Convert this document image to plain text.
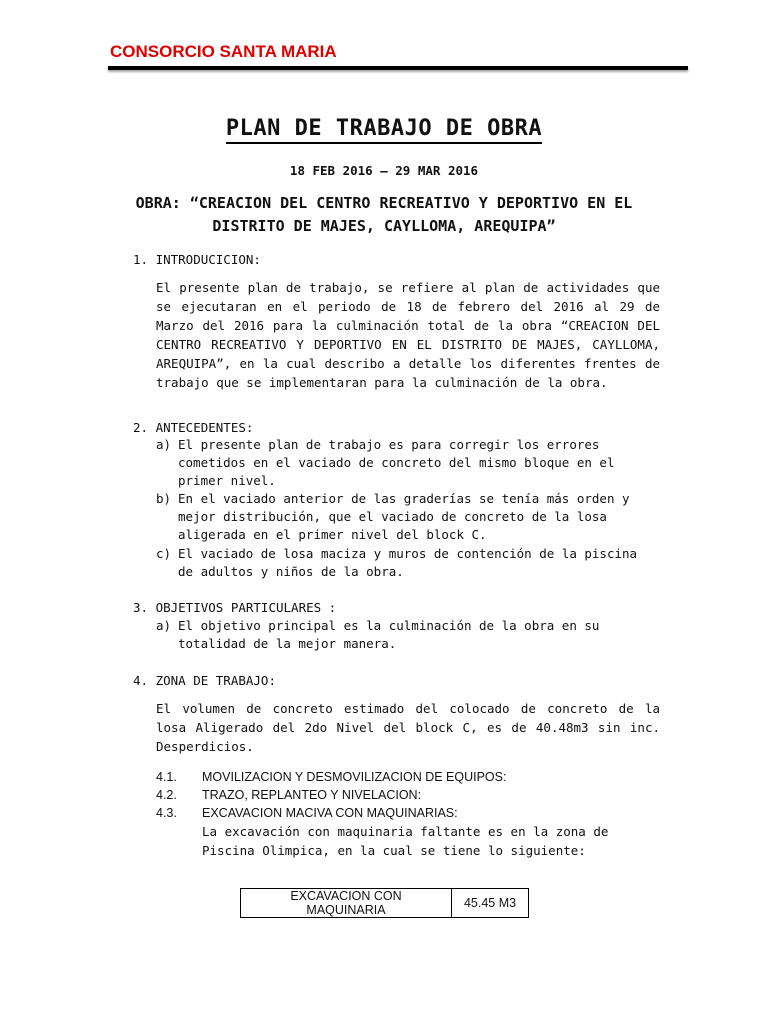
CONSORCIO SANTA MARIA
PLAN DE TRABAJO DE OBRA
18 FEB 2016 – 29 MAR 2016
OBRA: “CREACION DEL CENTRO RECREATIVO Y DEPORTIVO EN EL
DISTRITO DE MAJES, CAYLLOMA, AREQUIPA”
1. INTRODUCICION:
El presente plan de trabajo, se refiere al plan de actividades que se ejecutaran en el periodo de 18 de febrero del 2016 al 29 de Marzo del 2016 para la culminación total de la obra “CREACION DEL CENTRO RECREATIVO Y DEPORTIVO EN EL DISTRITO DE MAJES, CAYLLOMA, AREQUIPA”, en la cual describo a detalle los diferentes frentes de trabajo que se implementaran para la culminación de la obra.
2. ANTECEDENTES:
a) El presente plan de trabajo es para corregir los errores cometidos en el vaciado de concreto del mismo bloque en el primer nivel.
b) En el vaciado anterior de las graderías se tenía más orden y mejor distribución, que el vaciado de concreto de la losa aligerada en el primer nivel del block C.
c) El vaciado de losa maciza y muros de contención de la piscina de adultos y niños de la obra.
3. OBJETIVOS PARTICULARES :
a) El objetivo principal es la culminación de la obra en su totalidad de la mejor manera.
4. ZONA DE TRABAJO:
El volumen de concreto estimado del colocado de concreto de la losa Aligerado del 2do Nivel del block C, es de 40.48m3 sin inc. Desperdicios.
4.1. MOVILIZACION Y DESMOVILIZACION DE EQUIPOS:
4.2. TRAZO, REPLANTEO Y NIVELACION:
4.3. EXCAVACION MACIVA CON MAQUINARIAS:
La excavación con maquinaria faltante es en la zona de Piscina Olimpica, en la cual se tiene lo siguiente:
EXCAVACION CON MAQUINARIA	45.45 M3
